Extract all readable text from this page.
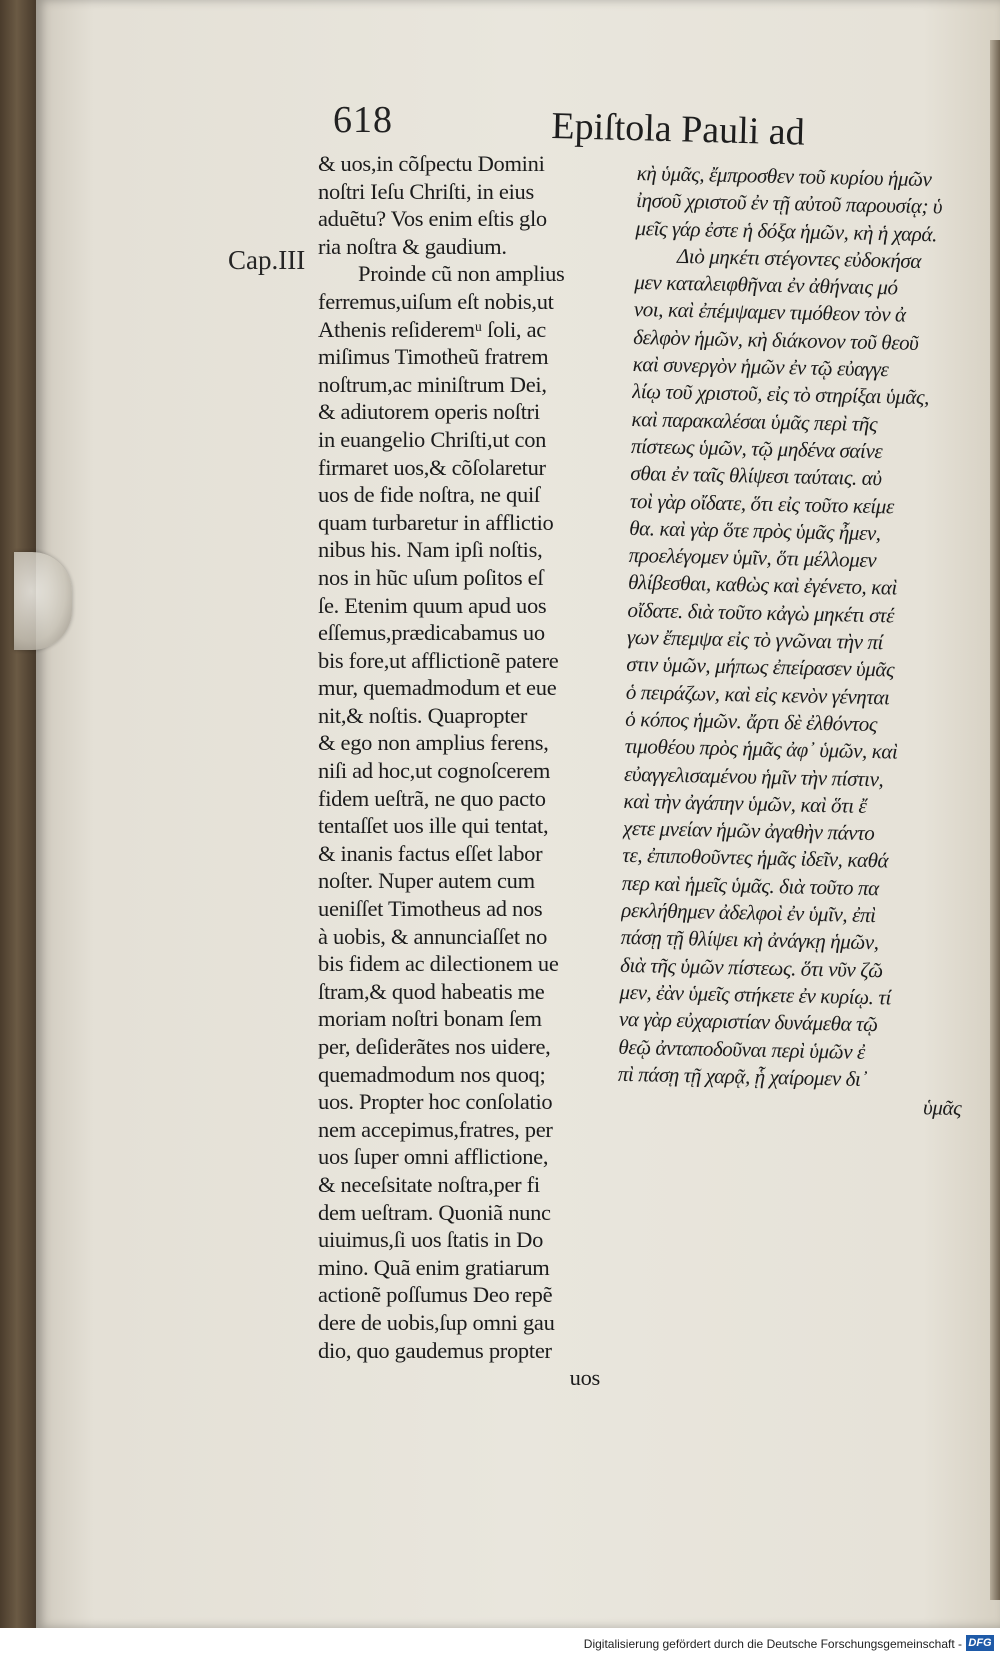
618	Epiſtola Pauli ad
Cap.III
& uos,in cõſpectu Domini
noſtri Ieſu Chriſti, in eius
aduẽtu? Vos enim eſtis glo
ria noſtra & gaudium.
Proinde cũ non amplius
ferremus,uiſum eſt nobis,ut
Athenis reſideremᵘ ſoli, ac
miſimus Timotheũ fratrem
noſtrum,ac miniſtrum Dei,
& adiutorem operis noſtri
in euangelio Chriſti,ut con
firmaret uos,& cõſolaretur
uos de fide noſtra, ne quiſ
quam turbaretur in afflictio
nibus his. Nam ipſi noſtis,
nos in hũc uſum poſitos eſ
ſe. Etenim quum apud uos
eſſemus,prædicabamus uo
bis fore,ut afflictionẽ patere
mur, quemadmodum et eue
nit,& noſtis. Quapropter
& ego non amplius ferens,
niſi ad hoc,ut cognoſcerem
fidem ueſtrã, ne quo pacto
tentaſſet uos ille qui tentat,
& inanis factus eſſet labor
noſter. Nuper autem cum
ueniſſet Timotheus ad nos
à uobis, & annunciaſſet no
bis fidem ac dilectionem ue
ſtram,& quod habeatis me
moriam noſtri bonam ſem
per, deſiderãtes nos uidere,
quemadmodum nos quoq;
uos. Propter hoc conſolatio
nem accepimus,fratres, per
uos ſuper omni afflictione,
& neceſsitate noſtra,per fi
dem ueſtram. Quoniã nunc
uiuimus,ſi uos ſtatis in Do
mino. Quã enim gratiarum
actionẽ poſſumus Deo repẽ
dere de uobis,ſup omni gau
dio, quo gaudemus propter
uos
κὴ ὑμᾶς, ἔμπροσθεν τοῦ κυρίου ἡμῶν
ἰησοῦ χριστοῦ ἐν τῇ αὐτοῦ παρουσίᾳ; ὑ
μεῖς γάρ ἐστε ἡ δόξα ἡμῶν, κὴ ἡ χαρά.
Διὸ μηκέτι στέγοντες εὐδοκήσα
μεν καταλειφθῆναι ἐν ἀθήναις μό
νοι, καὶ ἐπέμψαμεν τιμόθεον τὸν ἀ
δελφὸν ἡμῶν, κὴ διάκονον τοῦ θεοῦ
καὶ συνεργὸν ἡμῶν ἐν τῷ εὐαγγε
λίῳ τοῦ χριστοῦ, εἰς τὸ στηρίξαι ὑμᾶς,
καὶ παρακαλέσαι ὑμᾶς περὶ τῆς
πίστεως ὑμῶν, τῷ μηδένα σαίνε
σθαι ἐν ταῖς θλίψεσι ταύταις. αὐ
τοὶ γὰρ οἴδατε, ὅτι εἰς τοῦτο κείμε
θα. καὶ γὰρ ὅτε πρὸς ὑμᾶς ἦμεν,
προελέγομεν ὑμῖν, ὅτι μέλλομεν
θλίβεσθαι, καθὼς καὶ ἐγένετο, καὶ
οἴδατε. διὰ τοῦτο κἀγὼ μηκέτι στέ
γων ἔπεμψα εἰς τὸ γνῶναι τὴν πί
στιν ὑμῶν, μήπως ἐπείρασεν ὑμᾶς
ὁ πειράζων, καὶ εἰς κενὸν γένηται
ὁ κόπος ἡμῶν. ἄρτι δὲ ἐλθόντος
τιμοθέου πρὸς ἡμᾶς ἀφ᾽ ὑμῶν, καὶ
εὐαγγελισαμένου ἡμῖν τὴν πίστιν,
καὶ τὴν ἀγάπην ὑμῶν, καὶ ὅτι ἔ
χετε μνείαν ἡμῶν ἀγαθὴν πάντο
τε, ἐπιποθοῦντες ἡμᾶς ἰδεῖν, καθά
περ καὶ ἡμεῖς ὑμᾶς. διὰ τοῦτο πα
ρεκλήθημεν ἀδελφοὶ ἐν ὑμῖν, ἐπὶ
πάσῃ τῇ θλίψει κὴ ἀνάγκῃ ἡμῶν,
διὰ τῆς ὑμῶν πίστεως. ὅτι νῦν ζῶ
μεν, ἐὰν ὑμεῖς στήκετε ἐν κυρίῳ. τί
να γὰρ εὐχαριστίαν δυνάμεθα τῷ
θεῷ ἀνταποδοῦναι περὶ ὑμῶν ἐ
πὶ πάσῃ τῇ χαρᾷ, ᾗ χαίρομεν δι᾽
ὑμᾶς
Digitalisierung gefördert durch die Deutsche Forschungsgemeinschaft - DFG
